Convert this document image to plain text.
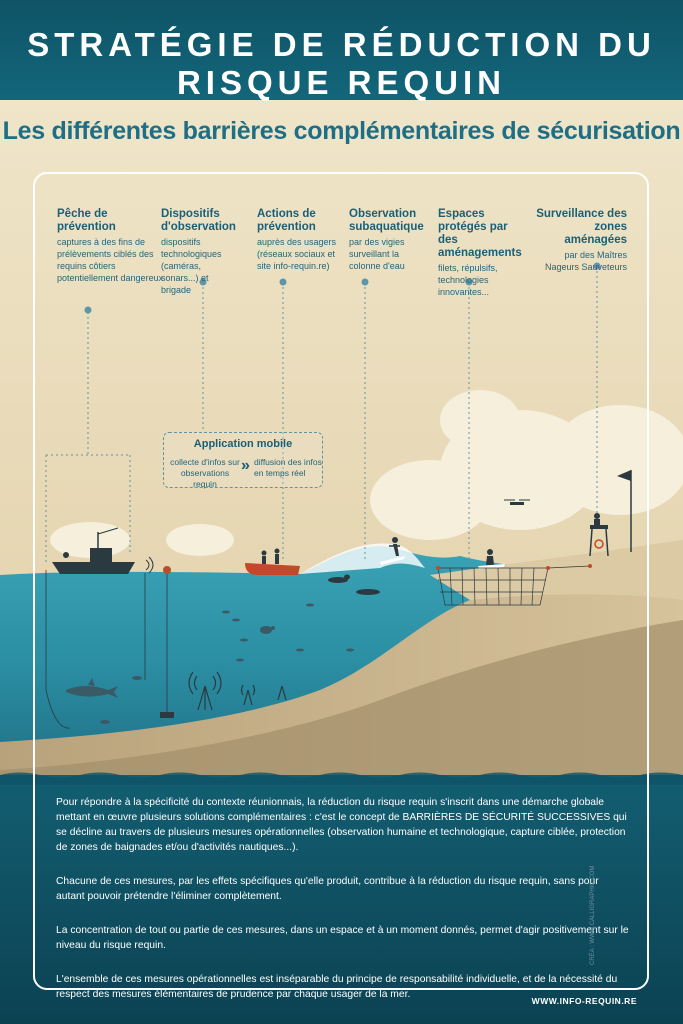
STRATÉGIE DE RÉDUCTION DU RISQUE REQUIN
Les différentes barrières complémentaires de sécurisation
Pêche de prévention
captures à des fins de prélèvements ciblés des requins côtiers potentiellement dangereux
Dispositifs d'observation
dispositifs technologiques (caméras, sonars...) et brigade
Actions de prévention
auprès des usagers (réseaux sociaux et site info-requin.re)
Observation subaquatique
par des vigies surveillant la colonne d'eau
Espaces protégés par des aménagements
filets, répulsifs, technologies innovantes...
Surveillance des zones aménagées
par des Maîtres Nageurs Sauveteurs
Application mobile
collecte d'infos sur observations requin
» diffusion des infos en temps réel

Pour répondre à la spécificité du contexte réunionnais, la réduction du risque requin s'inscrit dans une démarche globale mettant en œuvre plusieurs solutions complémentaires : c'est le concept de BARRIÈRES DE SÉCURITÉ SUCCESSIVES qui se décline au travers de plusieurs mesures opérationnelles (observation humaine et technologique, capture ciblée, protection de zones de baignades et/ou d'activités nautiques...).

Chacune de ces mesures, par les effets spécifiques qu'elle produit, contribue à la réduction du risque requin, sans pour autant pouvoir prétendre l'éliminer complètement.

La concentration de tout ou partie de ces mesures, dans un espace et à un moment donnés, permet d'agir positivement sur le niveau du risque requin.

L'ensemble de ces mesures opérationnelles est inséparable du principe de responsabilité individuelle, et de la nécessité du respect des mesures élémentaires de prudence par chaque usager de la mer.

CRÉA : WWW.CALLIGRAPHIC.COM
WWW.INFO-REQUIN.RE
